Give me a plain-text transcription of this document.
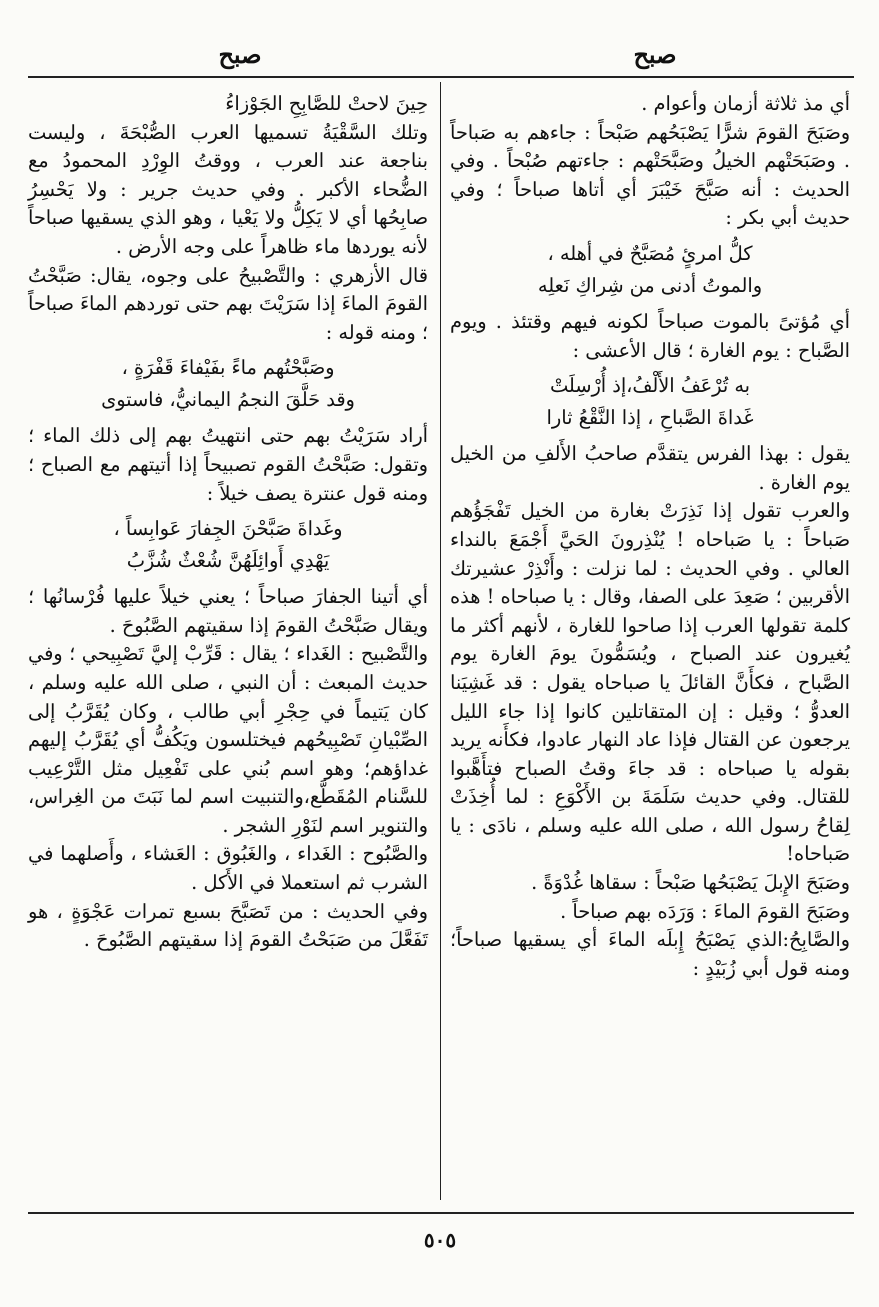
صبح
صبح

أي مذ ثلاثة أزمان وأعوام .

وصَبَحَ القومَ شرًّا يَصْبَحُهم صَبْحاً : جاءهم به صَباحاً . وصَبَحَتْهم الخيلُ وصَبَّحَتْهم : جاءتهم صُبْحاً . وفي الحديث : أنه صَبَّحَ خَيْبَرَ أي أتاها صباحاً ؛ وفي حديث أبي بكر :

كلُّ امرئٍ مُصَبَّحٌ في أهله ،
والموتُ أدنى من شِراكِ نَعلِه

أي مُؤتىً بالموت صباحاً لكونه فيهم وقتئذ . ويوم الصَّباح : يوم الغارة ؛ قال الأعشى :

به تُرْعَفُ الأَلْفُ،إذ أُرْسِلَتْ
غَداةَ الصَّباحِ ، إذا النَّقْعُ ثارا

يقول : بهذا الفرس يتقدَّم صاحبُ الأَلفِ من الخيل يوم الغارة .

والعرب تقول إذا نَذِرَتْ بغارة من الخيل تَفْجَؤُهم صَباحاً : يا صَباحاه ! يُنْذِرونَ الحَيَّ أَجْمَعَ بالنداء العالي . وفي الحديث : لما نزلت : وأَنْذِرْ عشيرتك الأقربين ؛ صَعِدَ على الصفا، وقال : يا صباحاه ! هذه كلمة تقولها العرب إذا صاحوا للغارة ، لأنهم أكثر ما يُغيرون عند الصباح ، ويُسَمُّونَ يومَ الغارة يوم الصَّباح ، فكأَنَّ القائلَ يا صباحاه يقول : قد غَشِيَنا العدوُّ ؛ وقيل : إن المتقاتلين كانوا إذا جاء الليل يرجعون عن القتال فإذا عاد النهار عادوا، فكأَنه يريد بقوله يا صباحاه : قد جاءَ وقتُ الصباح فتأَهَّبوا للقتال. وفي حديث سَلَمَةَ بن الأَكْوَعِ : لما أُخِذَتْ لِقاحُ رسول الله ، صلى الله عليه وسلم ، نادَى : يا صَباحاه!

وصَبَحَ الإِبلَ يَصْبَحُها صَبْحاً : سقاها غُدْوَةً .

وصَبَحَ القومَ الماءَ : وَرَدَه بهم صباحاً .

والصَّابِحُ:الذي يَصْبَحُ إِبلَه الماءَ أي يسقيها صباحاً؛ ومنه قول أبي زُبَيْدٍ :

حِينَ لاحتْ للصَّابِحِ الجَوْزاءُ

وتلك السَّقْيَةُ تسميها العرب الصُّبْحَةَ ، وليست بناجعة عند العرب ، ووقتُ الوِرْدِ المحمودُ مع الضُّحاء الأكبر . وفي حديث جرير : ولا يَحْسِرُ صابِحُها أي لا يَكِلُّ ولا يَعْيا ، وهو الذي يسقيها صباحاً لأنه يوردها ماء ظاهراً على وجه الأرض .

قال الأزهري : والتَّصْبيحُ على وجوه، يقال: صَبَّحْتُ القومَ الماءَ إذا سَرَيْتَ بهم حتى توردهم الماءَ صباحاً ؛ ومنه قوله :

وصَبَّحْتُهم ماءً بفَيْفاءَ قَفْرَةٍ ،
وقد حَلَّقَ النجمُ اليمانيُّ، فاستوى

أراد سَرَيْتُ بهم حتى انتهيتُ بهم إلى ذلك الماء ؛ وتقول: صَبَّحْتُ القوم تصبيحاً إذا أتيتهم مع الصباح ؛ ومنه قول عنترة يصف خيلاً :

وغَداةَ صَبَّحْنَ الجِفارَ عَوابِساً ،
يَهْدِي أَوائِلَهُنَّ شُعْثٌ شُزَّبُ

أي أتينا الجفارَ صباحاً ؛ يعني خيلاً عليها فُرْسانُها ؛ ويقال صَبَّحْتُ القومَ إذا سقيتهم الصَّبُوحَ .

والتَّصْبيح : الغَداء ؛ يقال : قَرِّبْ إليَّ تَصْبِيحي ؛ وفي حديث المبعث : أن النبي ، صلى الله عليه وسلم ، كان يَتيماً في حِجْرِ أبي طالب ، وكان يُقَرَّبُ إلى الصِّبْيانِ تَصْبِيحُهم فيختلسون ويَكُفُّ أي يُقَرَّبُ إليهم غداؤهم؛ وهو اسم بُني على تَفْعِيل مثل التَّرْعِيب للسَّنام المُقَطَّع،والتنبيت اسم لما نَبَتَ من الغِراس، والتنوير اسم لنَوْرِ الشجر .

والصَّبُوح : الغَداء ، والغَبُوق : العَشاء ، وأَصلهما في الشرب ثم استعملا في الأَكل .

وفي الحديث : من تَصَبَّحَ بسبع تمرات عَجْوَةٍ ، هو تَفَعَّلَ من صَبَحْتُ القومَ إذا سقيتهم الصَّبُوحَ .

٥٠٥
